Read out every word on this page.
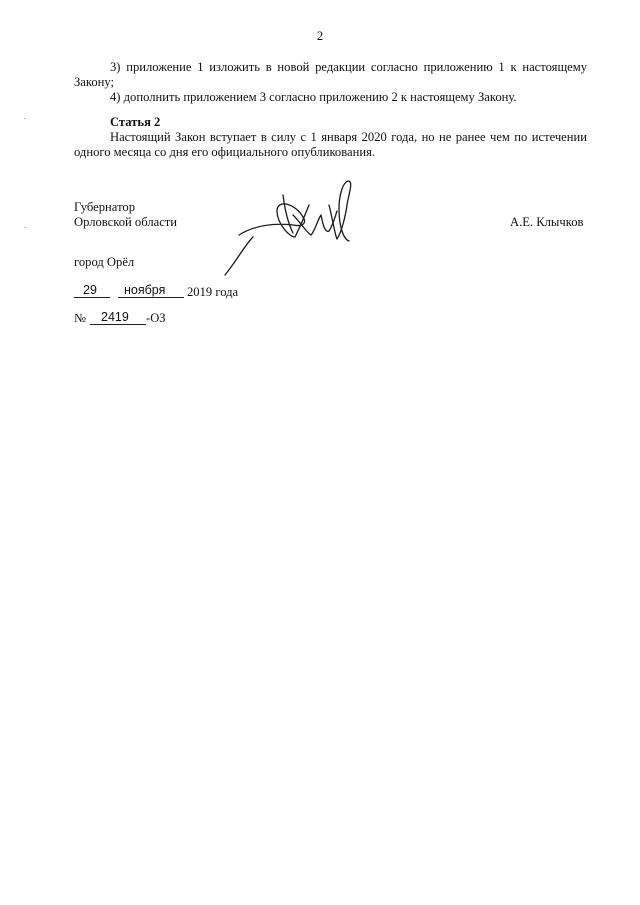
2

3) приложение 1 изложить в новой редакции согласно приложению 1 к настоящему Закону;

4) дополнить приложением 3 согласно приложению 2 к настоящему Закону.

Статья 2

Настоящий Закон вступает в силу с 1 января 2020 года, но не ранее чем по истечении одного месяца со дня его официального опубликования.

Губернатор

Орловской области	А.Е. Клычков

город Орёл

29 ноября 2019 года

№ 2419 -ОЗ
